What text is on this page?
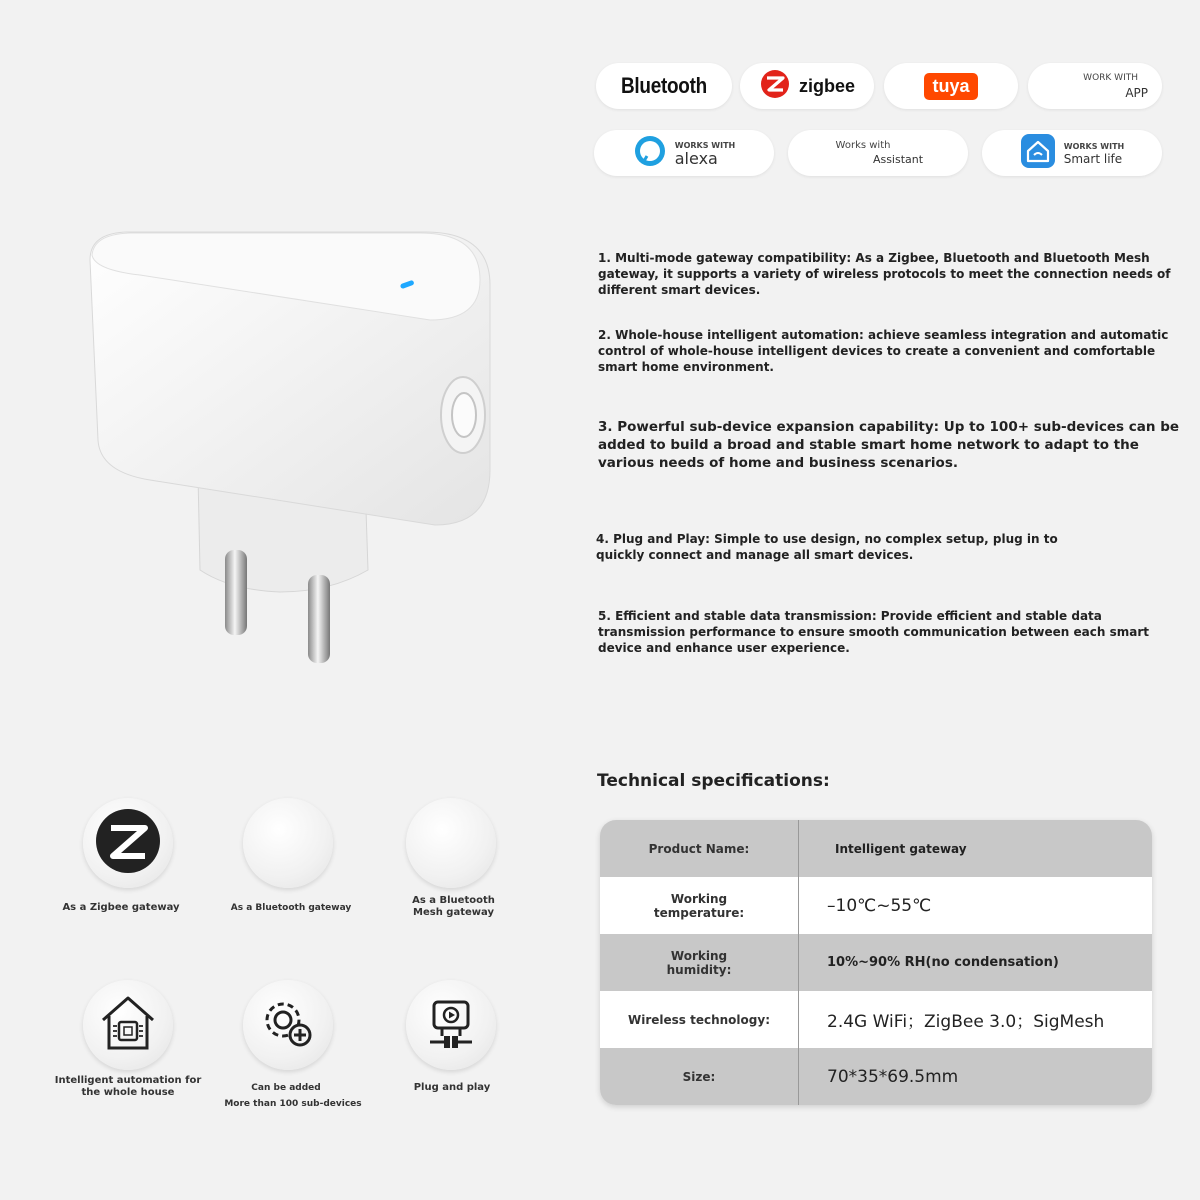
Bluetooth	zigbee	tuya	WORK WITH
APP
WORKS WITH
alexa
Works with
Assistant
WORKS WITH
Smart life
1. Multi-mode gateway compatibility: As a Zigbee, Bluetooth and Bluetooth Mesh gateway, it supports a variety of wireless protocols to meet the connection needs of different smart devices.
2. Whole-house intelligent automation: achieve seamless integration and automatic control of whole-house intelligent devices to create a convenient and comfortable smart home environment.
3. Powerful sub-device expansion capability: Up to 100+ sub-devices can be added to build a broad and stable smart home network to adapt to the various needs of home and business scenarios.
4. Plug and Play: Simple to use design, no complex setup, plug in to quickly connect and manage all smart devices.
5. Efficient and stable data transmission: Provide efficient and stable data transmission performance to ensure smooth communication between each smart device and enhance user experience.
As a Zigbee gateway	As a Bluetooth gateway
As a Bluetooth Mesh gateway
Intelligent automation for the whole house	Can be added
More than 100 sub-devices
Plug and play
Technical specifications:
Product Name:	Intelligent gateway
Working temperature:	–10℃~55℃
Working humidity:	10%~90% RH(no condensation)
Wireless technology:	2.4G WiFi；ZigBee 3.0；SigMesh
Size:	70*35*69.5mm
